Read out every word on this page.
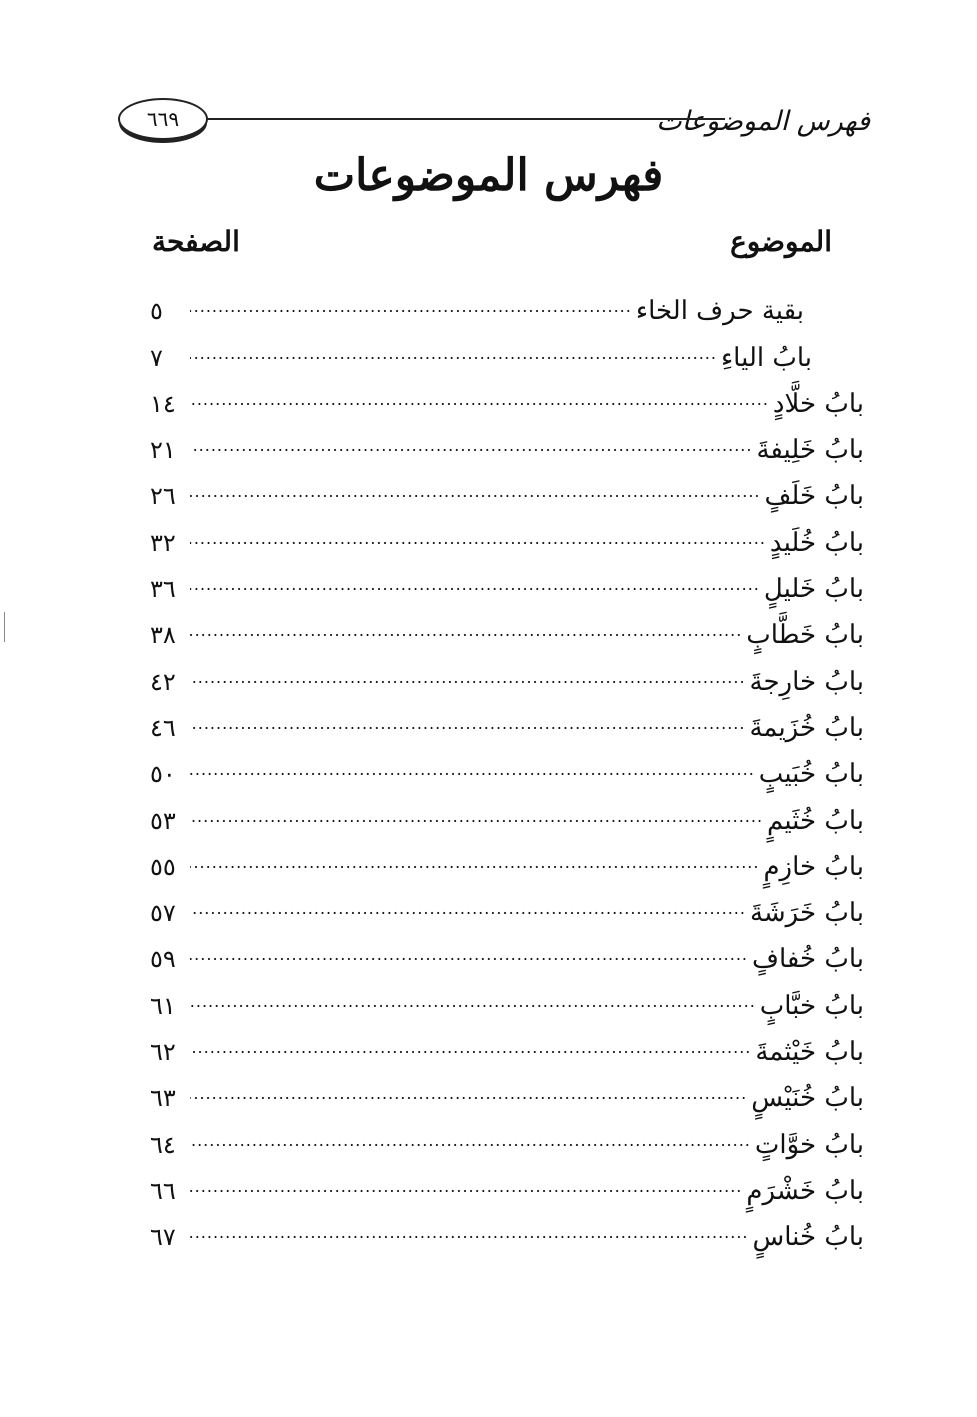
فهرس الموضوعات
٦٦٩
فهرس الموضوعات
الموضوع
الصفحة
بقية حرف الخاء
.....
٥
بابُ الياءِ
.....
٧
بابُ خلَّادٍ
.....
١٤
بابُ خَلِيفةَ
.....
٢١
بابُ خَلَفٍ
.....
٢٦
بابُ خُلَيدٍ
.....
٣٢
بابُ خَليلٍ
.....
٣٦
بابُ خَطَّابٍ
.....
٣٨
بابُ خارِجةَ
.....
٤٢
بابُ خُزَيمةَ
.....
٤٦
بابُ خُبَيبٍ
.....
٥٠
بابُ خُثَيمٍ
.....
٥٣
بابُ خازِمٍ
.....
٥٥
بابُ خَرَشَةَ
.....
٥٧
بابُ خُفافٍ
.....
٥٩
بابُ خبَّابٍ
.....
٦١
بابُ خَيْثمةَ
.....
٦٢
بابُ خُنَيْسٍ
.....
٦٣
بابُ خوَّاتٍ
.....
٦٤
بابُ خَشْرَمٍ
.....
٦٦
بابُ خُناسٍ
.....
٦٧
